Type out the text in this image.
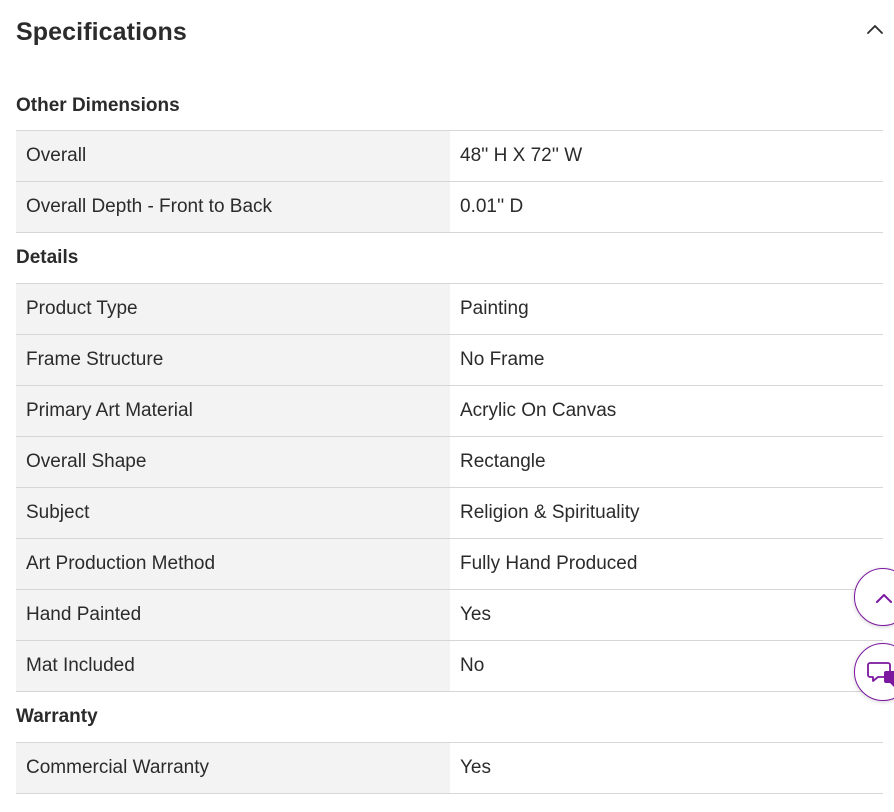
Specifications
Other Dimensions
Overall	48'' H X 72'' W
Overall Depth - Front to Back	0.01'' D
Details
Product Type	Painting
Frame Structure	No Frame
Primary Art Material	Acrylic On Canvas
Overall Shape	Rectangle
Subject	Religion & Spirituality
Art Production Method	Fully Hand Produced
Hand Painted	Yes
Mat Included	No
Warranty
Commercial Warranty	Yes
